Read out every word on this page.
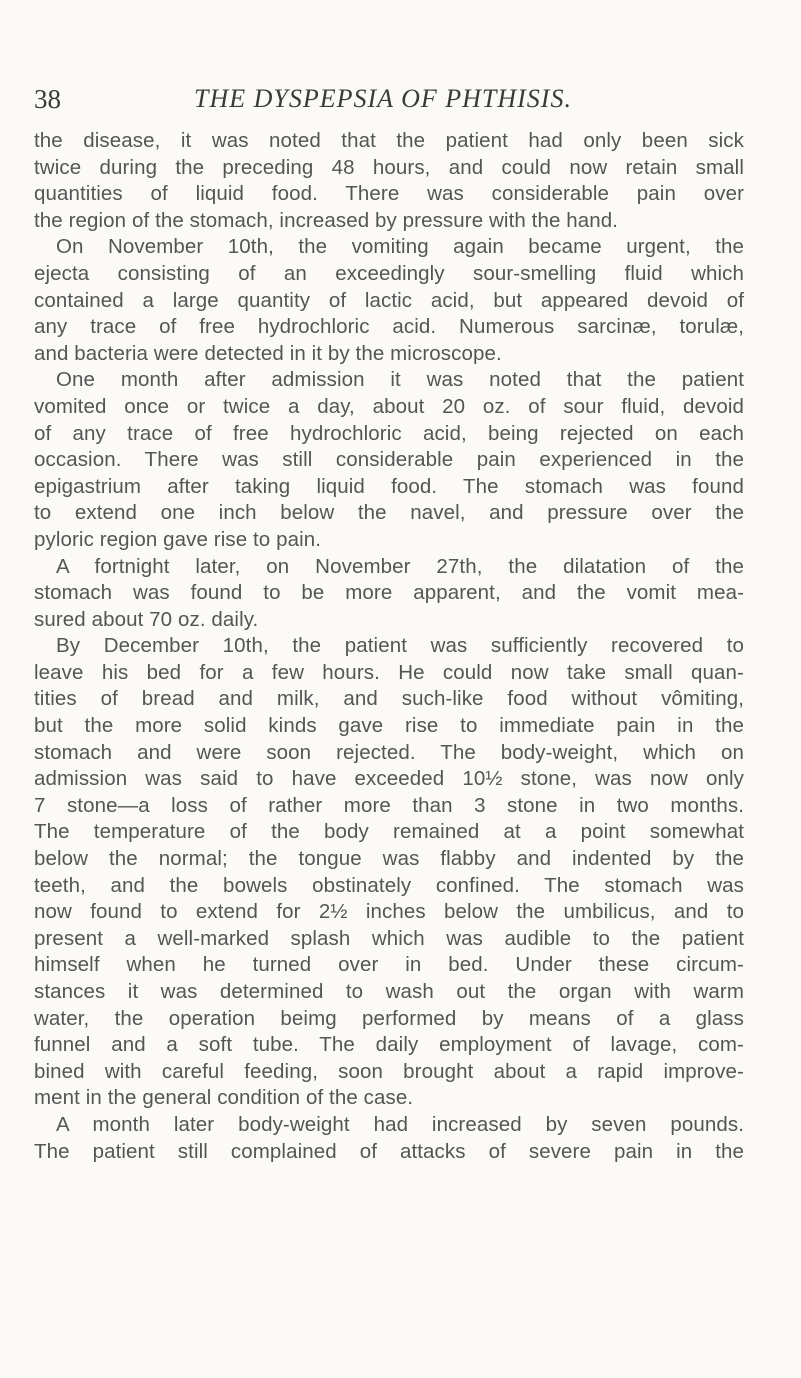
38	THE DYSPEPSIA OF PHTHISIS.
the disease, it was noted that the patient had only been sick
twice during the preceding 48 hours, and could now retain small
quantities of liquid food. There was considerable pain over
the region of the stomach, increased by pressure with the hand.
On November 10th, the vomiting again became urgent, the
ejecta consisting of an exceedingly sour-smelling fluid which
contained a large quantity of lactic acid, but appeared devoid of
any trace of free hydrochloric acid. Numerous sarcinæ, torulæ,
and bacteria were detected in it by the microscope.
One month after admission it was noted that the patient
vomited once or twice a day, about 20 oz. of sour fluid, devoid
of any trace of free hydrochloric acid, being rejected on each
occasion. There was still considerable pain experienced in the
epigastrium after taking liquid food. The stomach was found
to extend one inch below the navel, and pressure over the
pyloric region gave rise to pain.
A fortnight later, on November 27th, the dilatation of the
stomach was found to be more apparent, and the vomit mea-
sured about 70 oz. daily.
By December 10th, the patient was sufficiently recovered to
leave his bed for a few hours. He could now take small quan-
tities of bread and milk, and such-like food without vômiting,
but the more solid kinds gave rise to immediate pain in the
stomach and were soon rejected. The body-weight, which on
admission was said to have exceeded 10½ stone, was now only
7 stone—a loss of rather more than 3 stone in two months.
The temperature of the body remained at a point somewhat
below the normal; the tongue was flabby and indented by the
teeth, and the bowels obstinately confined. The stomach was
now found to extend for 2½ inches below the umbilicus, and to
present a well-marked splash which was audible to the patient
himself when he turned over in bed. Under these circum-
stances it was determined to wash out the organ with warm
water, the operation beimg performed by means of a glass
funnel and a soft tube. The daily employment of lavage, com-
bined with careful feeding, soon brought about a rapid improve-
ment in the general condition of the case.
A month later body-weight had increased by seven pounds.
The patient still complained of attacks of severe pain in the
